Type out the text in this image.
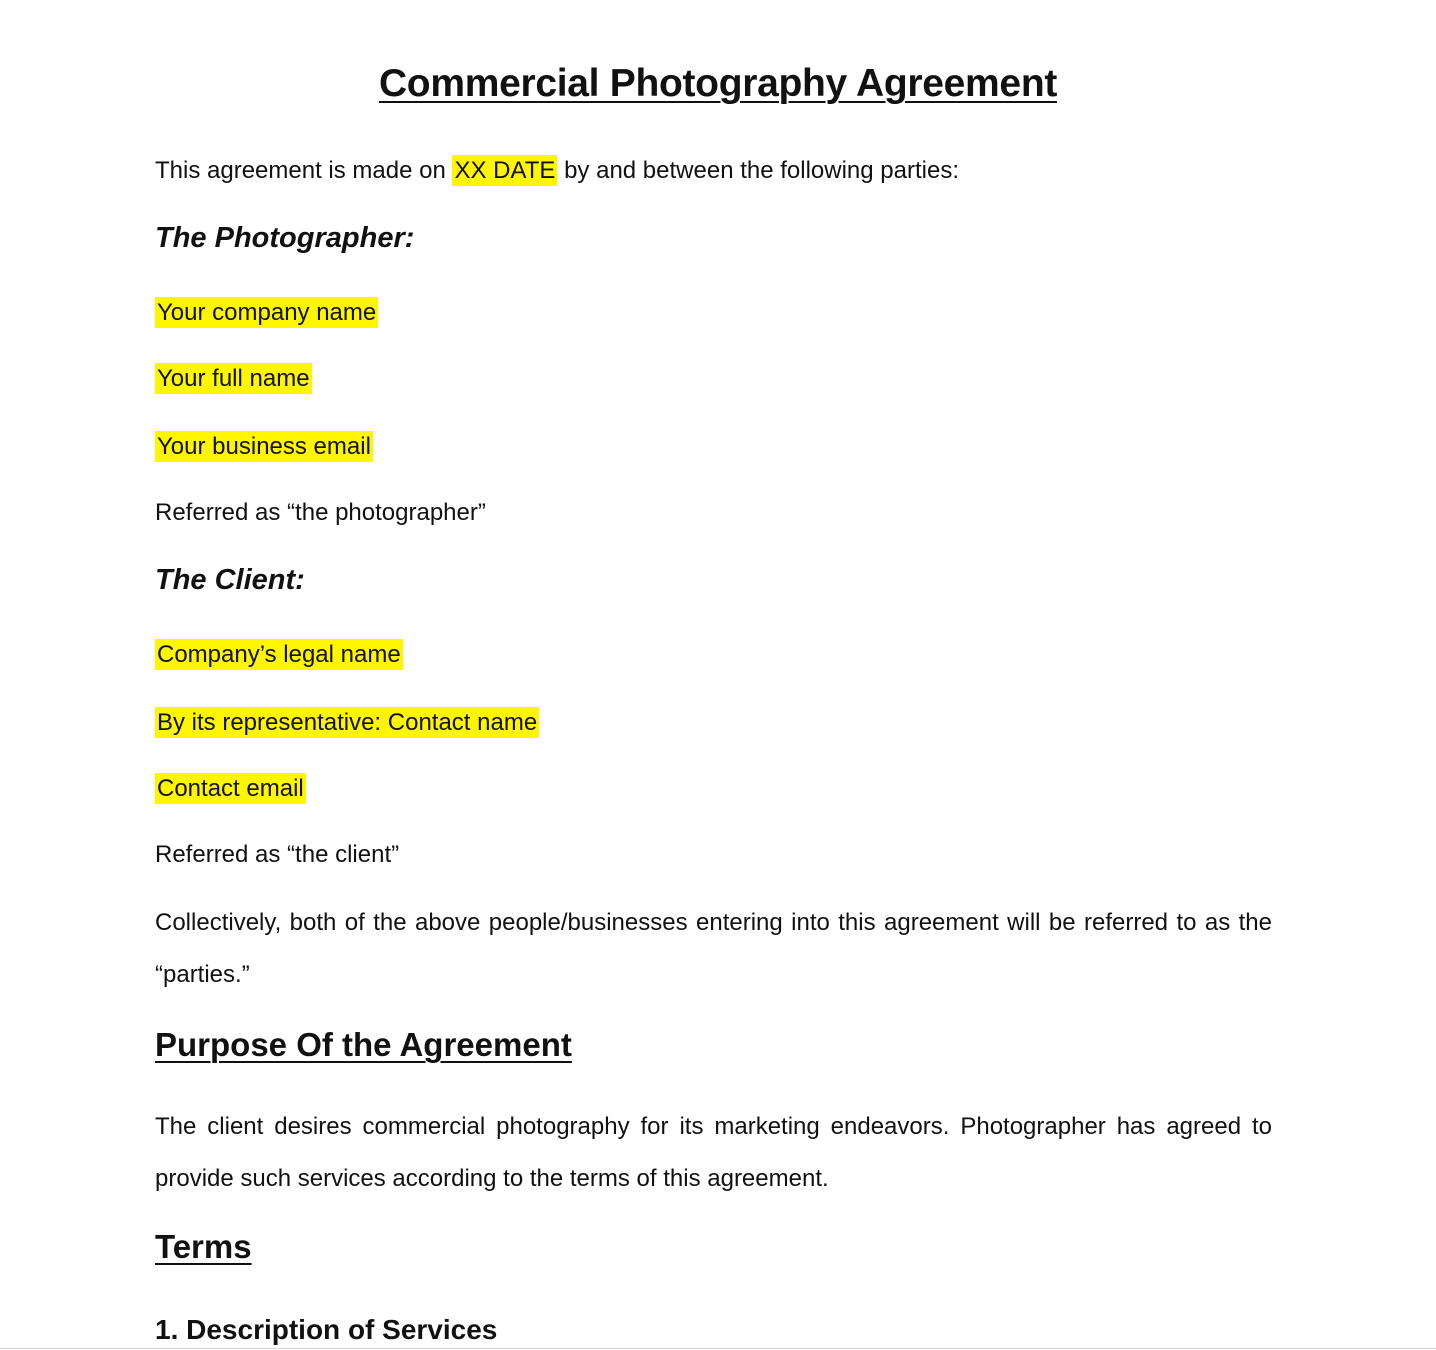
Commercial Photography Agreement
This agreement is made on XX DATE by and between the following parties:
The Photographer:
Your company name
Your full name
Your business email
Referred as “the photographer”
The Client:
Company’s legal name
By its representative: Contact name
Contact email
Referred as “the client”
Collectively, both of the above people/businesses entering into this agreement will be referred to as the “parties.”
Purpose Of the Agreement
The client desires commercial photography for its marketing endeavors. Photographer has agreed to provide such services according to the terms of this agreement.
Terms
1. Description of Services
